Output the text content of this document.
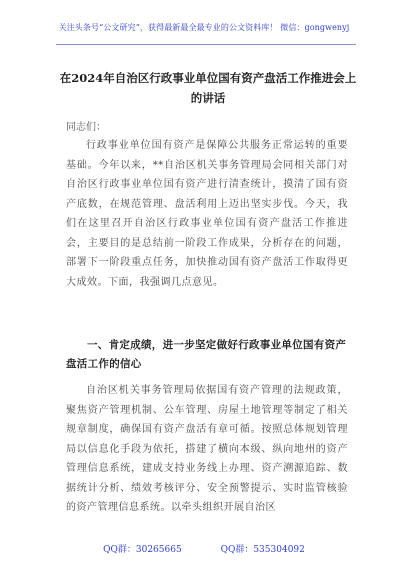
关注头条号“公文研究”，获得最新最全最专业的公文资料库！ 微信：gongwenyj
在2024年自治区行政事业单位国有资产盘活工作推进会上的讲话
同志们：

行政事业单位国有资产是保障公共服务正常运转的重要基础。今年以来，**自治区机关事务管理局会同相关部门对自治区行政事业单位国有资产进行清查统计，摸清了国有资产底数，在规范管理、盘活利用上迈出坚实步伐。今天，我们在这里召开自治区行政事业单位国有资产盘活工作推进会，主要目的是总结前一阶段工作成果，分析存在的问题，部署下一阶段重点任务，加快推动国有资产盘活工作取得更大成效。下面，我强调几点意见。

一、肯定成绩，进一步坚定做好行政事业单位国有资产盘活工作的信心

自治区机关事务管理局依据国有资产管理的法规政策，聚焦资产管理机制、公车管理、房屋土地管理等制定了相关规章制度，确保国有资产盘活有章可循。按照总体规划管理局以信息化手段为依托，搭建了横向本级、纵向地州的资产管理信息系统，建成支持业务线上办理、资产溯源追踪、数据统计分析、绩效考核评分、安全预警提示、实时监管核验的资产管理信息系统。以牵头组织开展自治区

QQ群：30265665	QQ群：535304092
